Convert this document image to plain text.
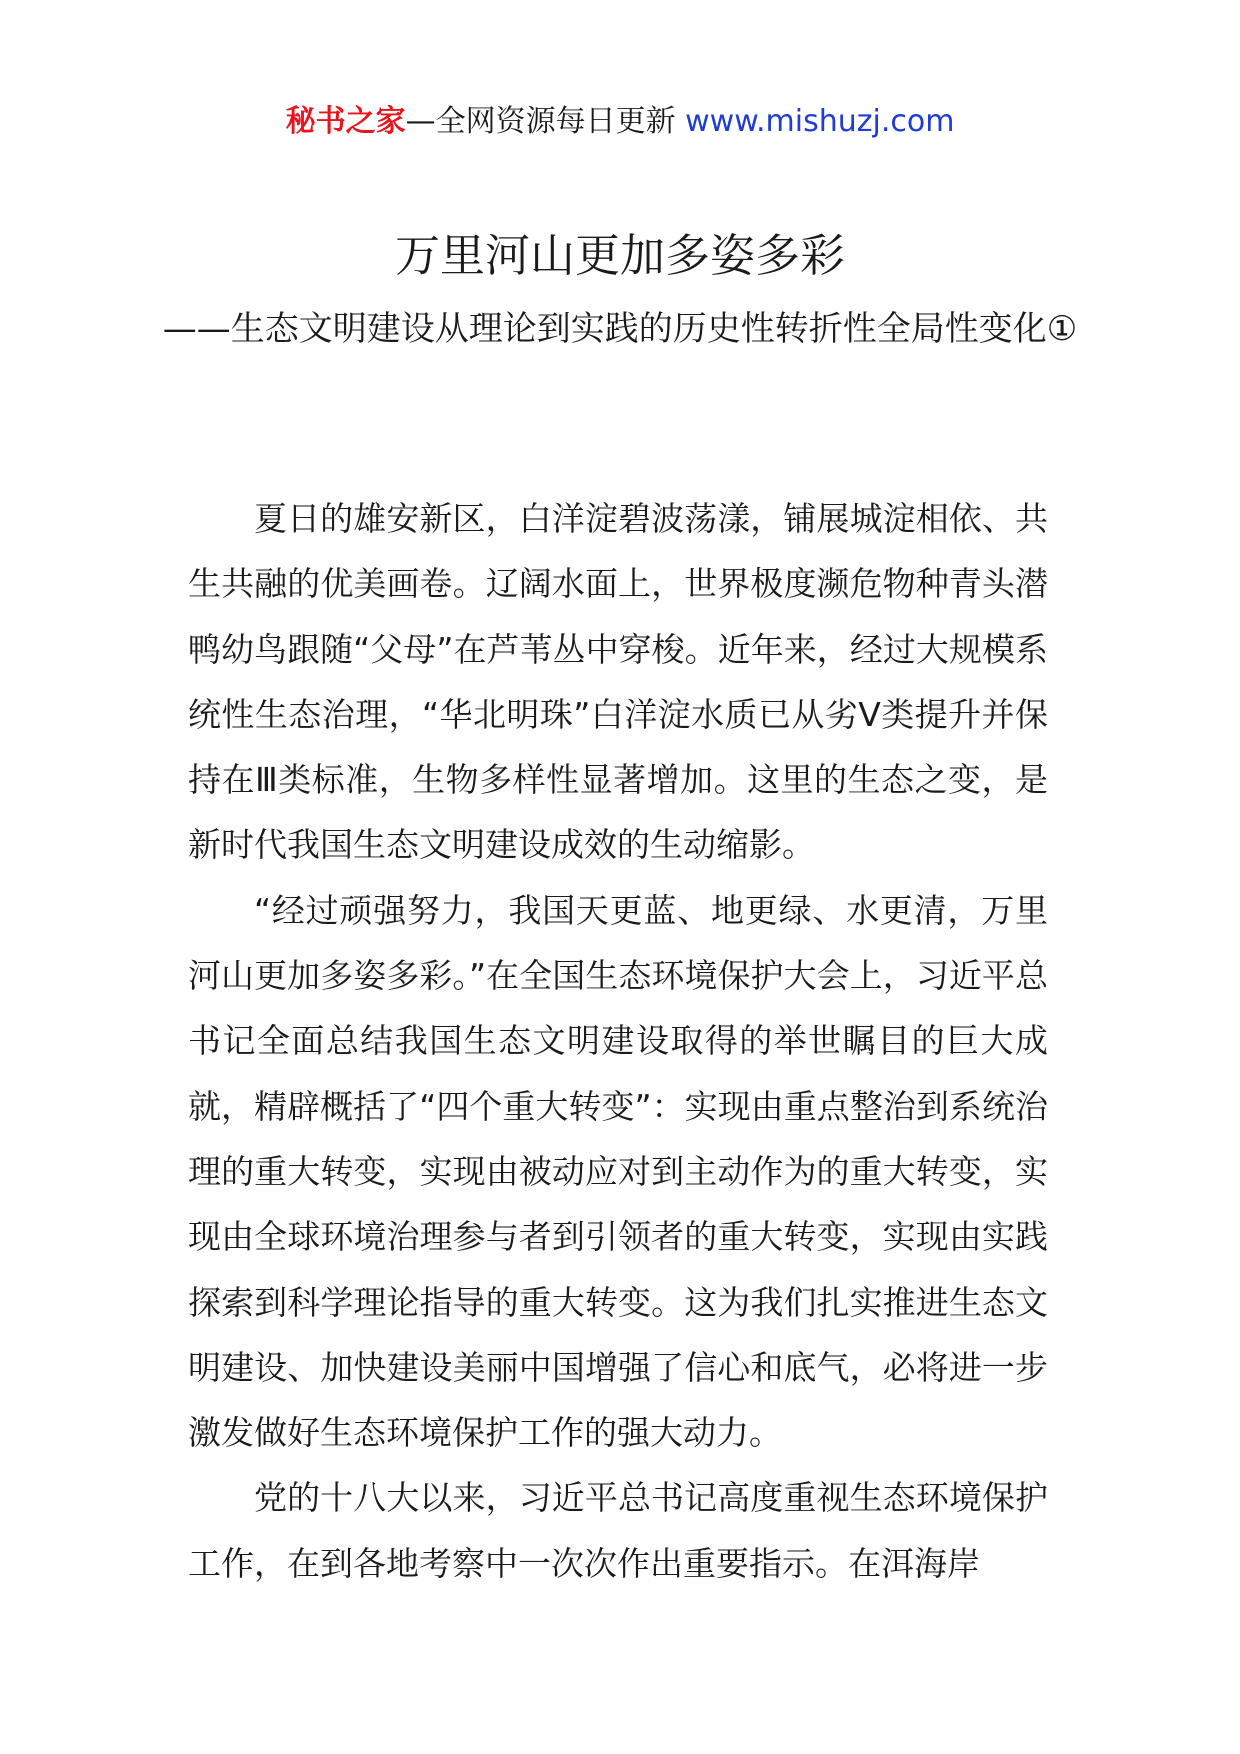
秘书之家—全网资源每日更新 www.mishuzj.com
万里河山更加多姿多彩
——生态文明建设从理论到实践的历史性转折性全局性变化①

夏日的雄安新区，白洋淀碧波荡漾，铺展城淀相依、共生共融的优美画卷。辽阔水面上，世界极度濒危物种青头潜鸭幼鸟跟随“父母”在芦苇丛中穿梭。近年来，经过大规模系统性生态治理，“华北明珠”白洋淀水质已从劣Ⅴ类提升并保持在Ⅲ类标准，生物多样性显著增加。这里的生态之变，是新时代我国生态文明建设成效的生动缩影。

“经过顽强努力，我国天更蓝、地更绿、水更清，万里河山更加多姿多彩。”在全国生态环境保护大会上，习近平总书记全面总结我国生态文明建设取得的举世瞩目的巨大成就，精辟概括了“四个重大转变”：实现由重点整治到系统治理的重大转变，实现由被动应对到主动作为的重大转变，实现由全球环境治理参与者到引领者的重大转变，实现由实践探索到科学理论指导的重大转变。这为我们扎实推进生态文明建设、加快建设美丽中国增强了信心和底气，必将进一步激发做好生态环境保护工作的强大动力。

党的十八大以来，习近平总书记高度重视生态环境保护工作，在到各地考察中一次次作出重要指示。在洱海岸
